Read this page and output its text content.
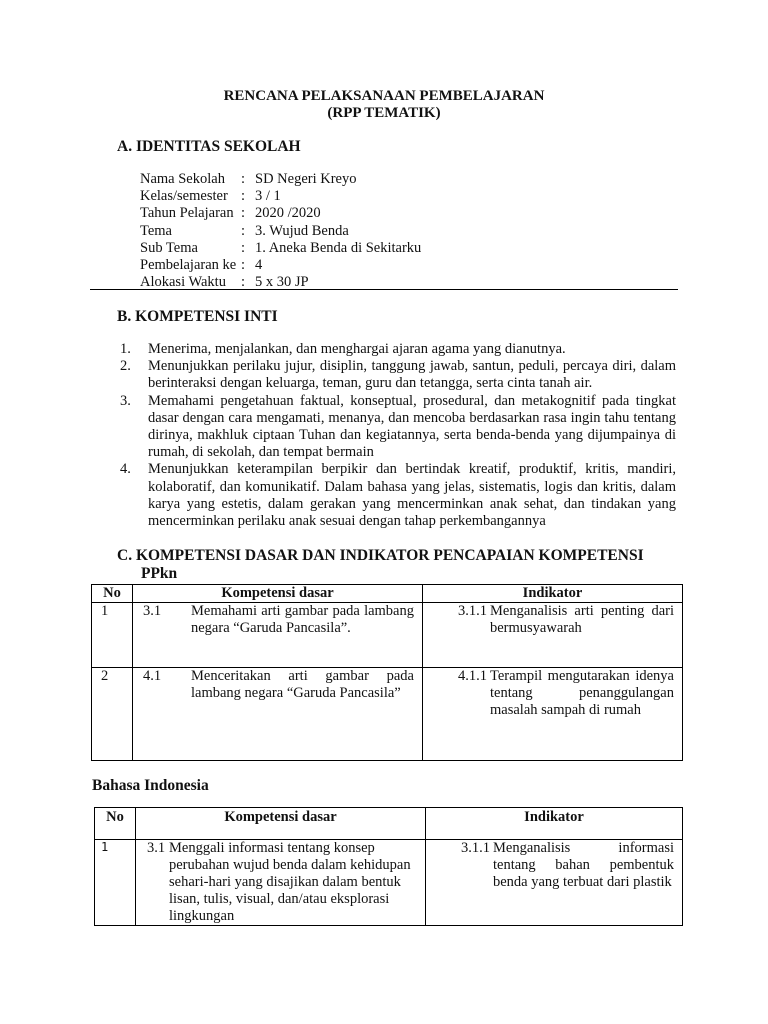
RENCANA PELAKSANAAN PEMBELAJARAN
(RPP TEMATIK)
A. IDENTITAS SEKOLAH
Nama Sekolah : SD Negeri Kreyo
Kelas/semester : 3 / 1
Tahun Pelajaran : 2020 /2020
Tema	: 3. Wujud Benda
Sub Tema	: 1. Aneka Benda di Sekitarku
Pembelajaran ke : 4
Alokasi Waktu : 5 x 30 JP
B. KOMPETENSI INTI
1. Menerima, menjalankan, dan menghargai ajaran agama yang dianutnya.
2. Menunjukkan perilaku jujur, disiplin, tanggung jawab, santun, peduli, percaya diri, dalam berinteraksi dengan keluarga, teman, guru dan tetangga, serta cinta tanah air.
3. Memahami pengetahuan faktual, konseptual, prosedural, dan metakognitif pada tingkat dasar dengan cara mengamati, menanya, dan mencoba berdasarkan rasa ingin tahu tentang dirinya, makhluk ciptaan Tuhan dan kegiatannya, serta benda-benda yang dijumpainya di rumah, di sekolah, dan tempat bermain
4. Menunjukkan keterampilan berpikir dan bertindak kreatif, produktif, kritis, mandiri, kolaboratif, dan komunikatif. Dalam bahasa yang jelas, sistematis, logis dan kritis, dalam karya yang estetis, dalam gerakan yang mencerminkan anak sehat, dan tindakan yang mencerminkan perilaku anak sesuai dengan tahap perkembangannya
C. KOMPETENSI DASAR DAN INDIKATOR PENCAPAIAN KOMPETENSI
PPkn
No	Kompetensi dasar	Indikator
1	3.1 Memahami arti gambar pada lambang negara “Garuda Pancasila”.	3.1.1 Menganalisis arti penting dari bermusyawarah

2	4.1 Menceritakan arti gambar pada lambang negara “Garuda Pancasila”	4.1.1 Terampil mengutarakan idenya tentang penanggulangan masalah sampah di rumah
Bahasa Indonesia
No	Kompetensi dasar	Indikator
1	3.1 Menggali informasi tentang konsep perubahan wujud benda dalam kehidupan sehari-hari yang disajikan dalam bentuk lisan, tulis, visual, dan/atau eksplorasi lingkungan	3.1.1 Menganalisis informasi tentang bahan pembentuk benda yang terbuat dari plastik
